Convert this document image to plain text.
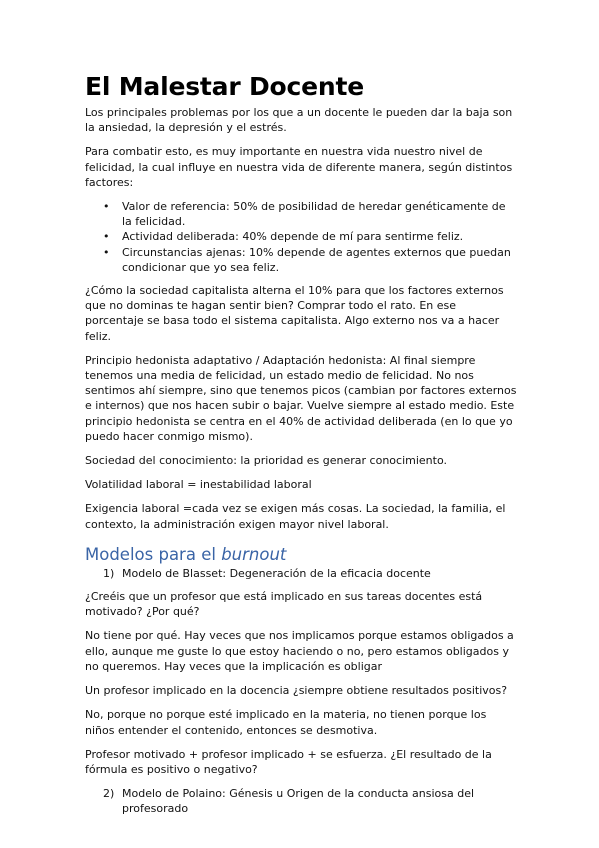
El Malestar Docente

Los principales problemas por los que a un docente le pueden dar la baja son la ansiedad, la depresión y el estrés.

Para combatir esto, es muy importante en nuestra vida nuestro nivel de felicidad, la cual influye en nuestra vida de diferente manera, según distintos factores:

• Valor de referencia: 50% de posibilidad de heredar genéticamente de la felicidad.
• Actividad deliberada: 40% depende de mí para sentirme feliz.
• Circunstancias ajenas: 10% depende de agentes externos que puedan condicionar que yo sea feliz.

¿Cómo la sociedad capitalista alterna el 10% para que los factores externos que no dominas te hagan sentir bien? Comprar todo el rato. En ese porcentaje se basa todo el sistema capitalista. Algo externo nos va a hacer feliz.

Principio hedonista adaptativo / Adaptación hedonista: Al final siempre tenemos una media de felicidad, un estado medio de felicidad. No nos sentimos ahí siempre, sino que tenemos picos (cambian por factores externos e internos) que nos hacen subir o bajar. Vuelve siempre al estado medio. Este principio hedonista se centra en el 40% de actividad deliberada (en lo que yo puedo hacer conmigo mismo).

Sociedad del conocimiento: la prioridad es generar conocimiento.

Volatilidad laboral = inestabilidad laboral

Exigencia laboral =cada vez se exigen más cosas. La sociedad, la familia, el contexto, la administración exigen mayor nivel laboral.

Modelos para el burnout
1) Modelo de Blasset: Degeneración de la eficacia docente

¿Creéis que un profesor que está implicado en sus tareas docentes está motivado? ¿Por qué?

No tiene por qué. Hay veces que nos implicamos porque estamos obligados a ello, aunque me guste lo que estoy haciendo o no, pero estamos obligados y no queremos. Hay veces que la implicación es obligar

Un profesor implicado en la docencia ¿siempre obtiene resultados positivos?

No, porque no porque esté implicado en la materia, no tienen porque los niños entender el contenido, entonces se desmotiva.

Profesor motivado + profesor implicado + se esfuerza. ¿El resultado de la fórmula es positivo o negativo?

2) Modelo de Polaino: Génesis u Origen de la conducta ansiosa del profesorado
